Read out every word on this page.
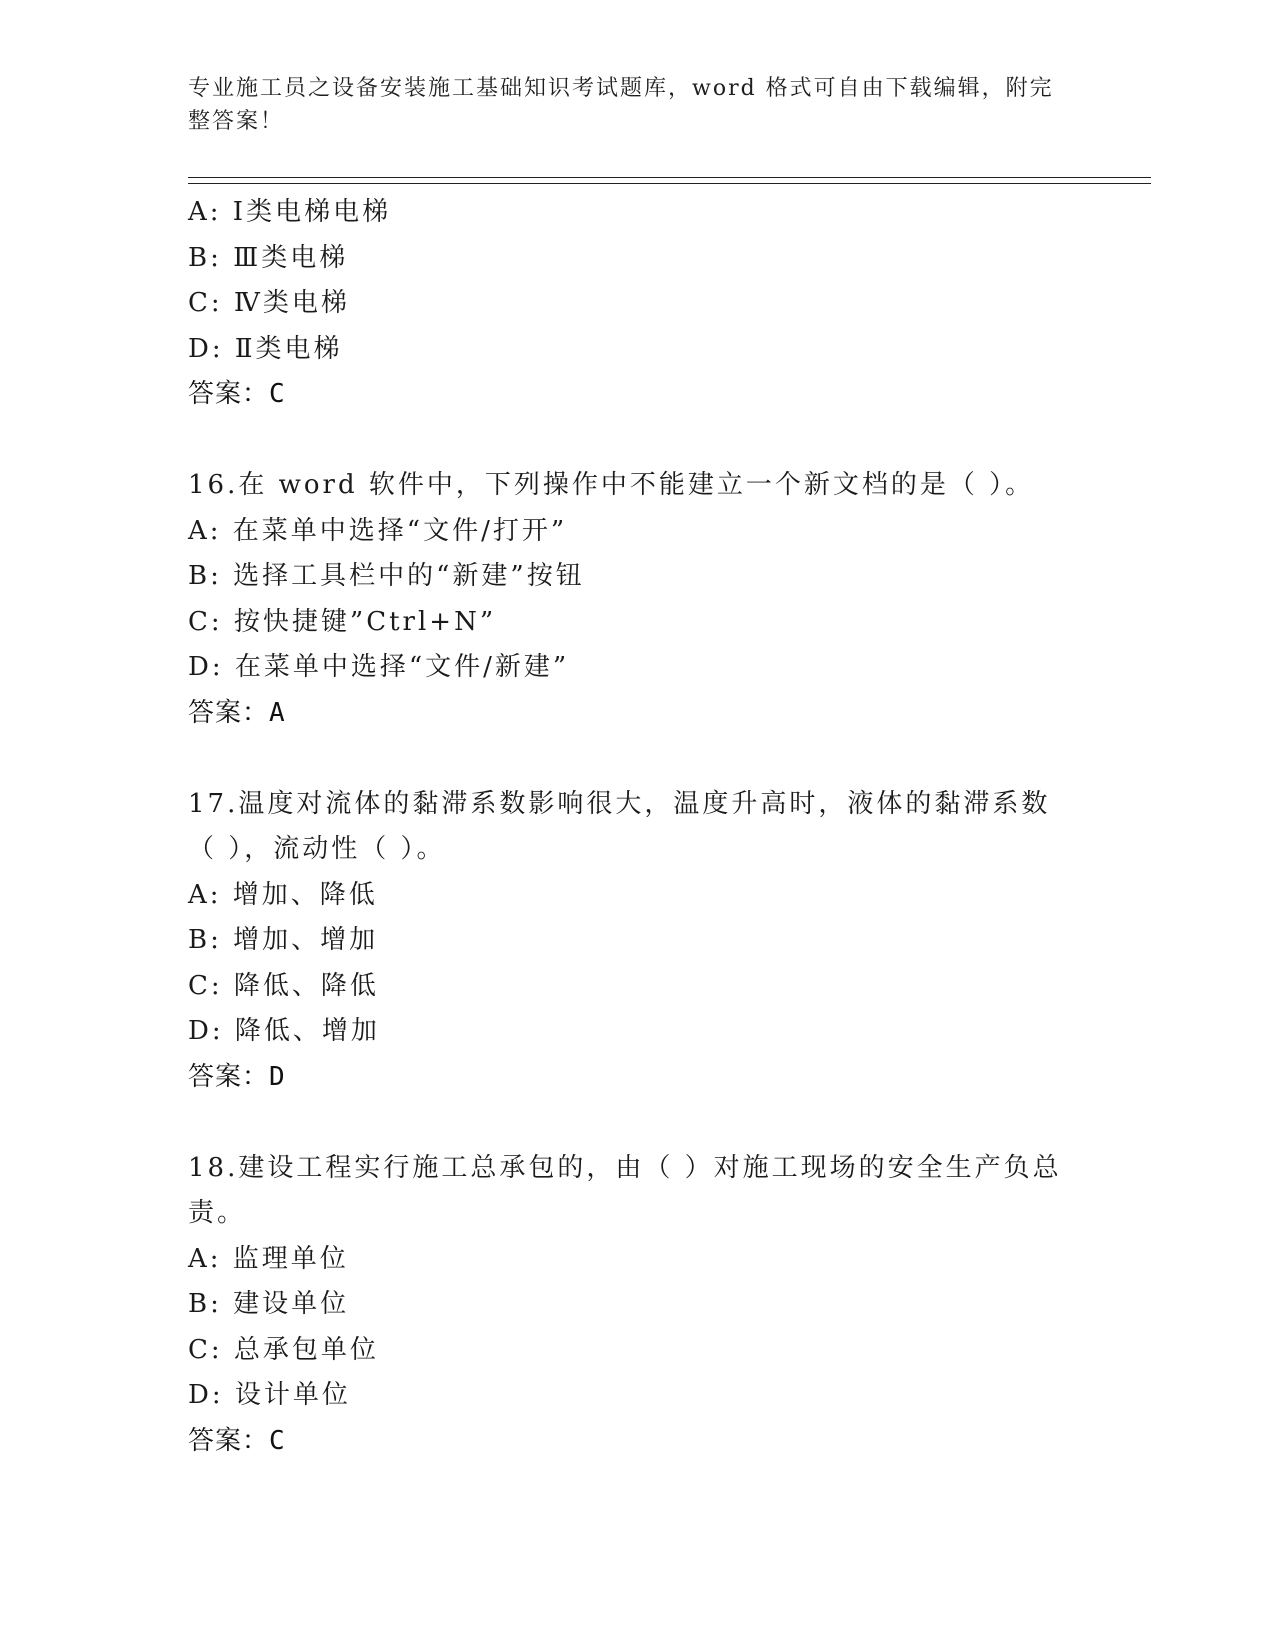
专业施工员之设备安装施工基础知识考试题库，word 格式可自由下载编辑，附完整答案！
A: Ⅰ类电梯电梯
B: Ⅲ类电梯
C: Ⅳ类电梯
D: Ⅱ类电梯
答案：C
16.在 word 软件中，下列操作中不能建立一个新文档的是（ ）。
A: 在菜单中选择“文件/打开”
B: 选择工具栏中的“新建”按钮
C: 按快捷键”Ctrl+N”
D: 在菜单中选择“文件/新建”
答案：A
17.温度对流体的黏滞系数影响很大，温度升高时，液体的黏滞系数（ ），流动性（ ）。
A: 增加、降低
B: 增加、增加
C: 降低、降低
D: 降低、增加
答案：D
18.建设工程实行施工总承包的，由（ ）对施工现场的安全生产负总责。
A: 监理单位
B: 建设单位
C: 总承包单位
D: 设计单位
答案：C
